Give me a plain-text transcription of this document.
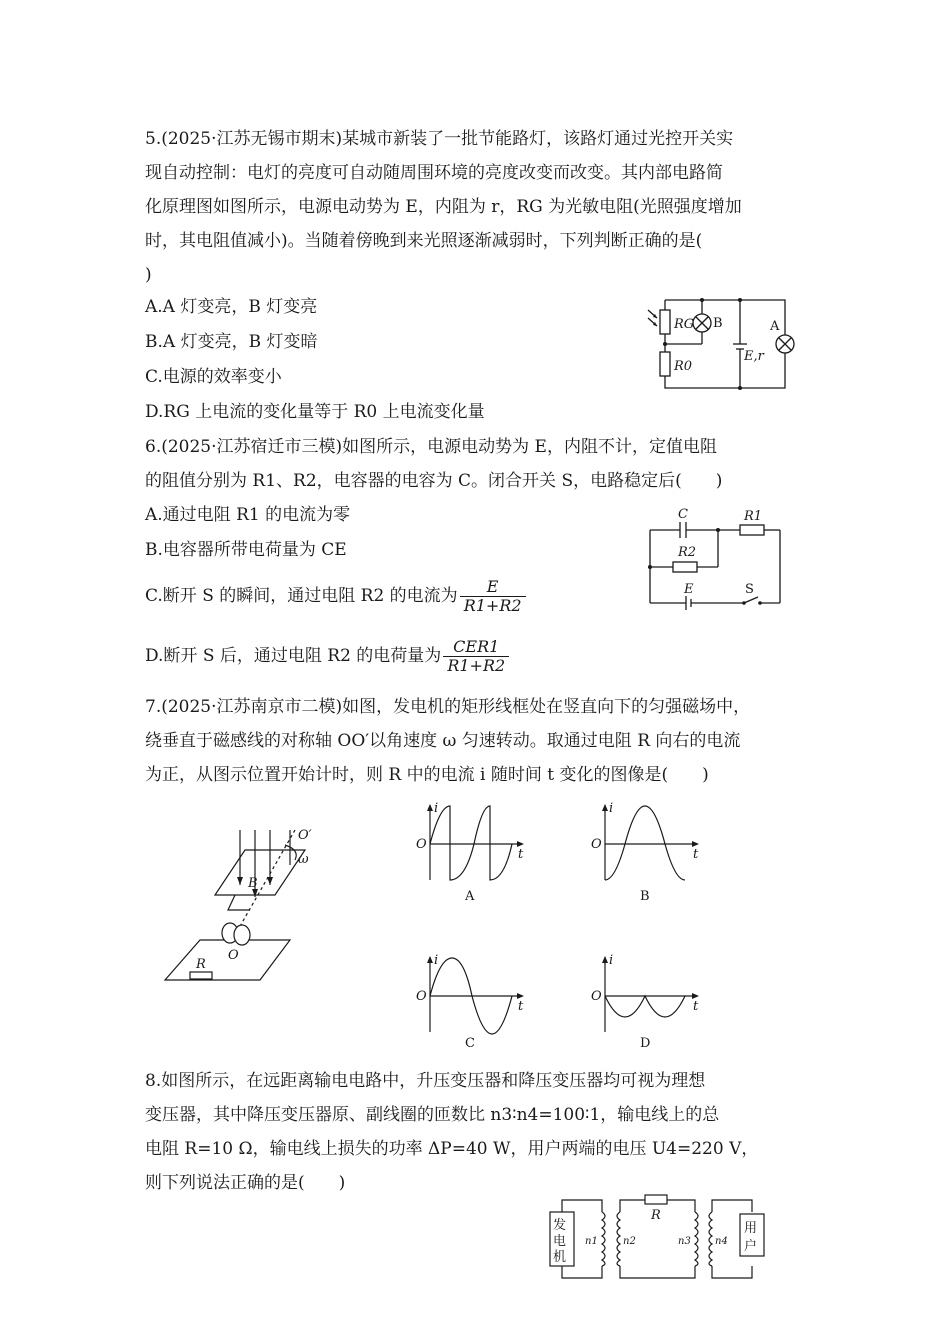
5.(2025·江苏无锡市期末)某城市新装了一批节能路灯，该路灯通过光控开关实
现自动控制：电灯的亮度可自动随周围环境的亮度改变而改变。其内部电路简
化原理图如图所示，电源电动势为 E，内阻为 r，RG 为光敏电阻(光照强度增加
时，其电阻值减小)。当随着傍晚到来光照逐渐减弱时，下列判断正确的是(
)
A.A 灯变亮，B 灯变亮
B.A 灯变亮，B 灯变暗
C.电源的效率变小
D.RG 上电流的变化量等于 R0 上电流变化量
RG B	A
E,r
R0
6.(2025·江苏宿迁市三模)如图所示，电源电动势为 E，内阻不计，定值电阻
的阻值分别为 R1、R2，电容器的电容为 C。闭合开关 S，电路稳定后(　　)
A.通过电阻 R1 的电流为零
B.电容器所带电荷量为 CE
C.断开 S 的瞬间，通过电阻 R2 的电流为 $\frac{E}{R1+R2}$
D.断开 S 后，通过电阻 R2 的电荷量为 $\frac{\text{CER1}}{R1+R2}$
C	R1
R2
E	S
7.(2025·江苏南京市二模)如图，发电机的矩形线框处在竖直向下的匀强磁场中，
绕垂直于磁感线的对称轴 OO′以角速度 ω 匀速转动。取通过电阻 R 向右的电流
为正，从图示位置开始计时，则 R 中的电流 i 随时间 t 变化的图像是(　　)
O′
ω
B
O
R
i
O
t
A
i
O
t
B
i
O
t
C
i
O
t
D
8.如图所示，在远距离输电电路中，升压变压器和降压变压器均可视为理想
变压器，其中降压变压器原、副线圈的匝数比 n3∶n4=100∶1，输电线上的总
电阻 R=10 Ω，输电线上损失的功率 ΔP=40 W，用户两端的电压 U4=220 V，
则下列说法正确的是(　　)
发
电
机
用
户
n1	n2
R
n3 n4
